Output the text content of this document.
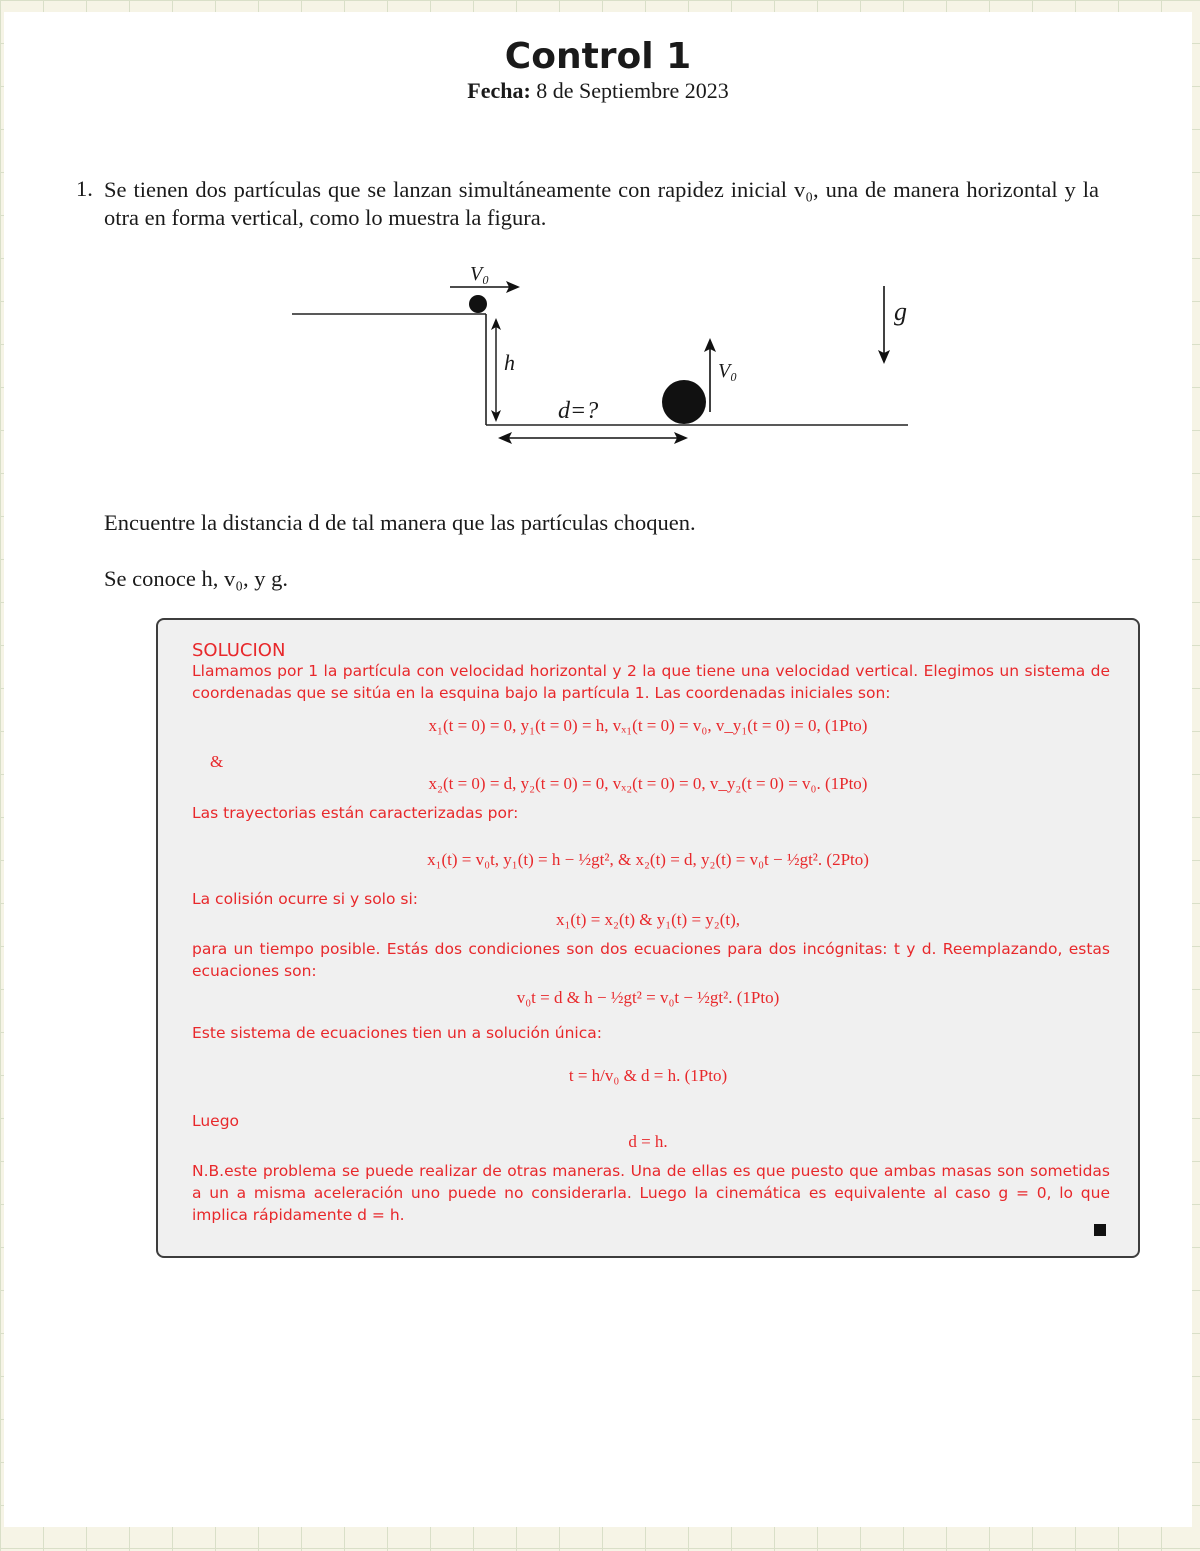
Control 1
Fecha: 8 de Septiembre 2023
1. Se tienen dos partículas que se lanzan simultáneamente con rapidez inicial v₀, una de manera horizontal y la otra en forma vertical, como lo muestra la figura.
V₀
h
d=?
V₀
g
Encuentre la distancia d de tal manera que las partículas choquen.
Se conoce h, v₀, y g.
SOLUCION
Llamamos por 1 la partícula con velocidad horizontal y 2 la que tiene una velocidad vertical. Elegimos un sistema de coordenadas que se sitúa en la esquina bajo la partícula 1. Las coordenadas iniciales son:
x₁(t = 0) = 0, y₁(t = 0) = h, vₓ₁(t = 0) = v₀, v_y₁(t = 0) = 0, (1Pto)
&
x₂(t = 0) = d, y₂(t = 0) = 0, vₓ₂(t = 0) = 0, v_y₂(t = 0) = v₀. (1Pto)
Las trayectorias están caracterizadas por:
x₁(t) = v₀t, y₁(t) = h − ½gt², & x₂(t) = d, y₂(t) = v₀t − ½gt². (2Pto)
La colisión ocurre si y solo si:
x₁(t) = x₂(t) & y₁(t) = y₂(t),
para un tiempo posible. Estás dos condiciones son dos ecuaciones para dos incógnitas: t y d. Reemplazando, estas ecuaciones son:
v₀t = d & h − ½gt² = v₀t − ½gt². (1Pto)
Este sistema de ecuaciones tien un a solución única:
t = h/v₀ & d = h. (1Pto)
Luego
d = h.
N.B.este problema se puede realizar de otras maneras. Una de ellas es que puesto que ambas masas son sometidas a un a misma aceleración uno puede no considerarla. Luego la cinemática es equivalente al caso g = 0, lo que implica rápidamente d = h.
